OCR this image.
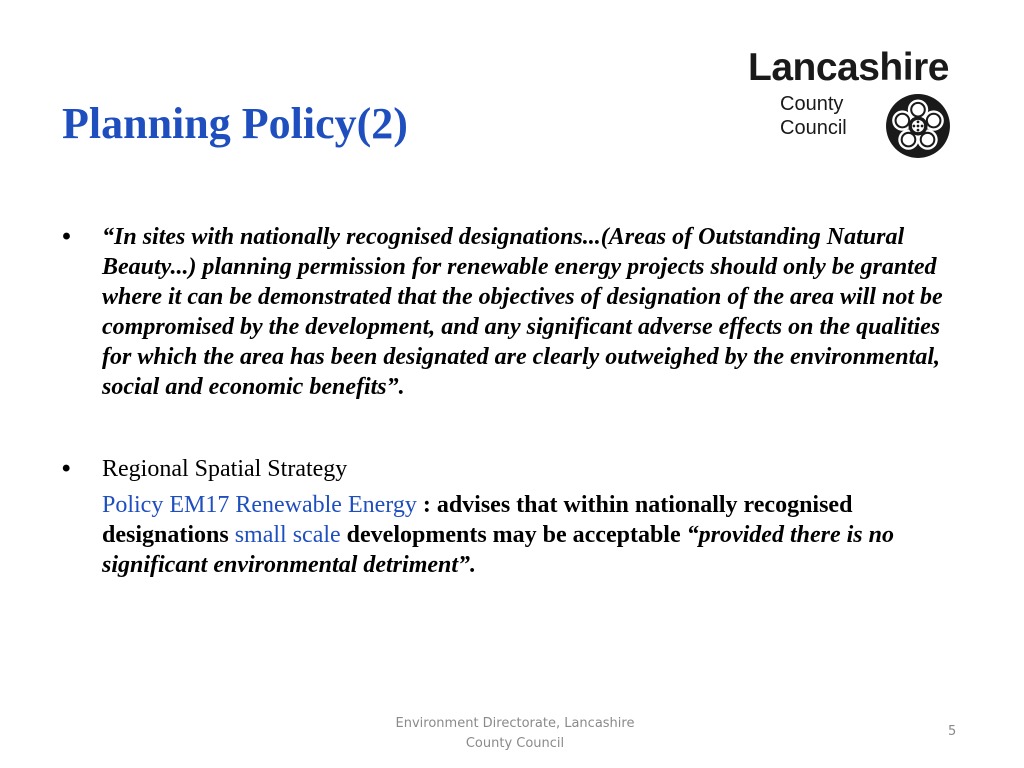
Planning Policy(2)
Lancashire
County
Council
• “In sites with nationally recognised designations...(Areas of Outstanding Natural Beauty...) planning permission for renewable energy projects should only be granted where it can be demonstrated that the objectives of designation of the area will not be compromised by the development, and any significant adverse effects on the qualities for which the area has been designated are clearly outweighed by the environmental, social and economic benefits”.
• Regional Spatial Strategy
Policy EM17 Renewable Energy : advises that within nationally recognised designations small scale developments may be acceptable “provided there is no significant environmental detriment”.
Environment Directorate, Lancashire
County Council
5
